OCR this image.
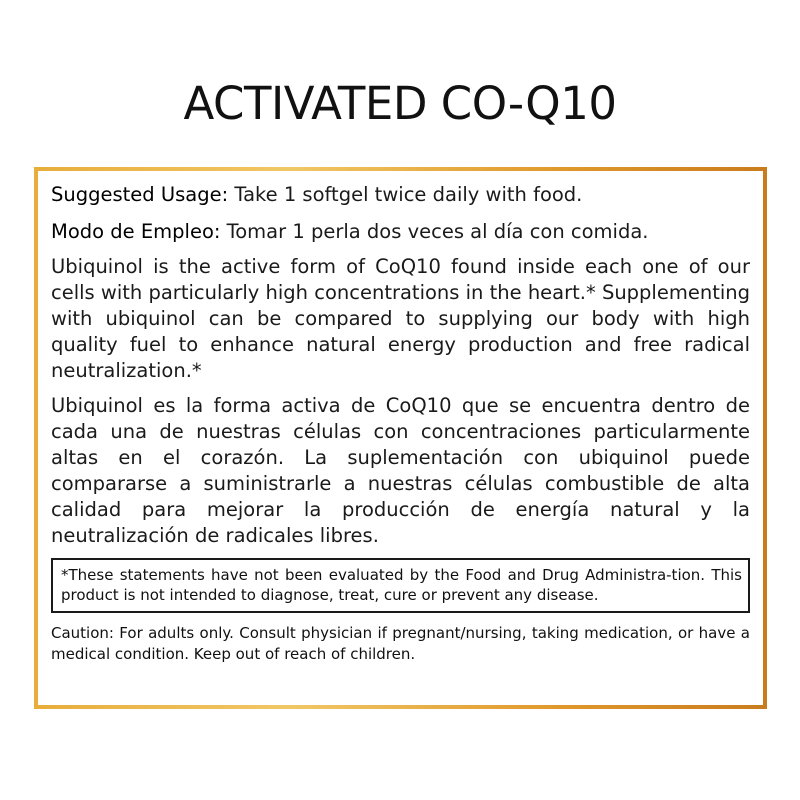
ACTIVATED CO-Q10
Suggested Usage: Take 1 softgel twice daily with food.
Modo de Empleo: Tomar 1 perla dos veces al día con comida.

Ubiquinol is the active form of CoQ10 found inside each one of our cells with particularly high concentrations in the heart.* Supplementing with ubiquinol can be compared to supplying our body with high quality fuel to enhance natural energy production and free radical neutralization.*

Ubiquinol es la forma activa de CoQ10 que se encuentra dentro de cada una de nuestras células con concentraciones particularmente altas en el corazón. La suplementación con ubiquinol puede compararse a suministrarle a nuestras células combustible de alta calidad para mejorar la producción de energía natural y la neutralización de radicales libres.

*These statements have not been evaluated by the Food and Drug Administra-tion. This product is not intended to diagnose, treat, cure or prevent any disease.
Caution: For adults only. Consult physician if pregnant/nursing, taking medication, or have a medical condition. Keep out of reach of children.
